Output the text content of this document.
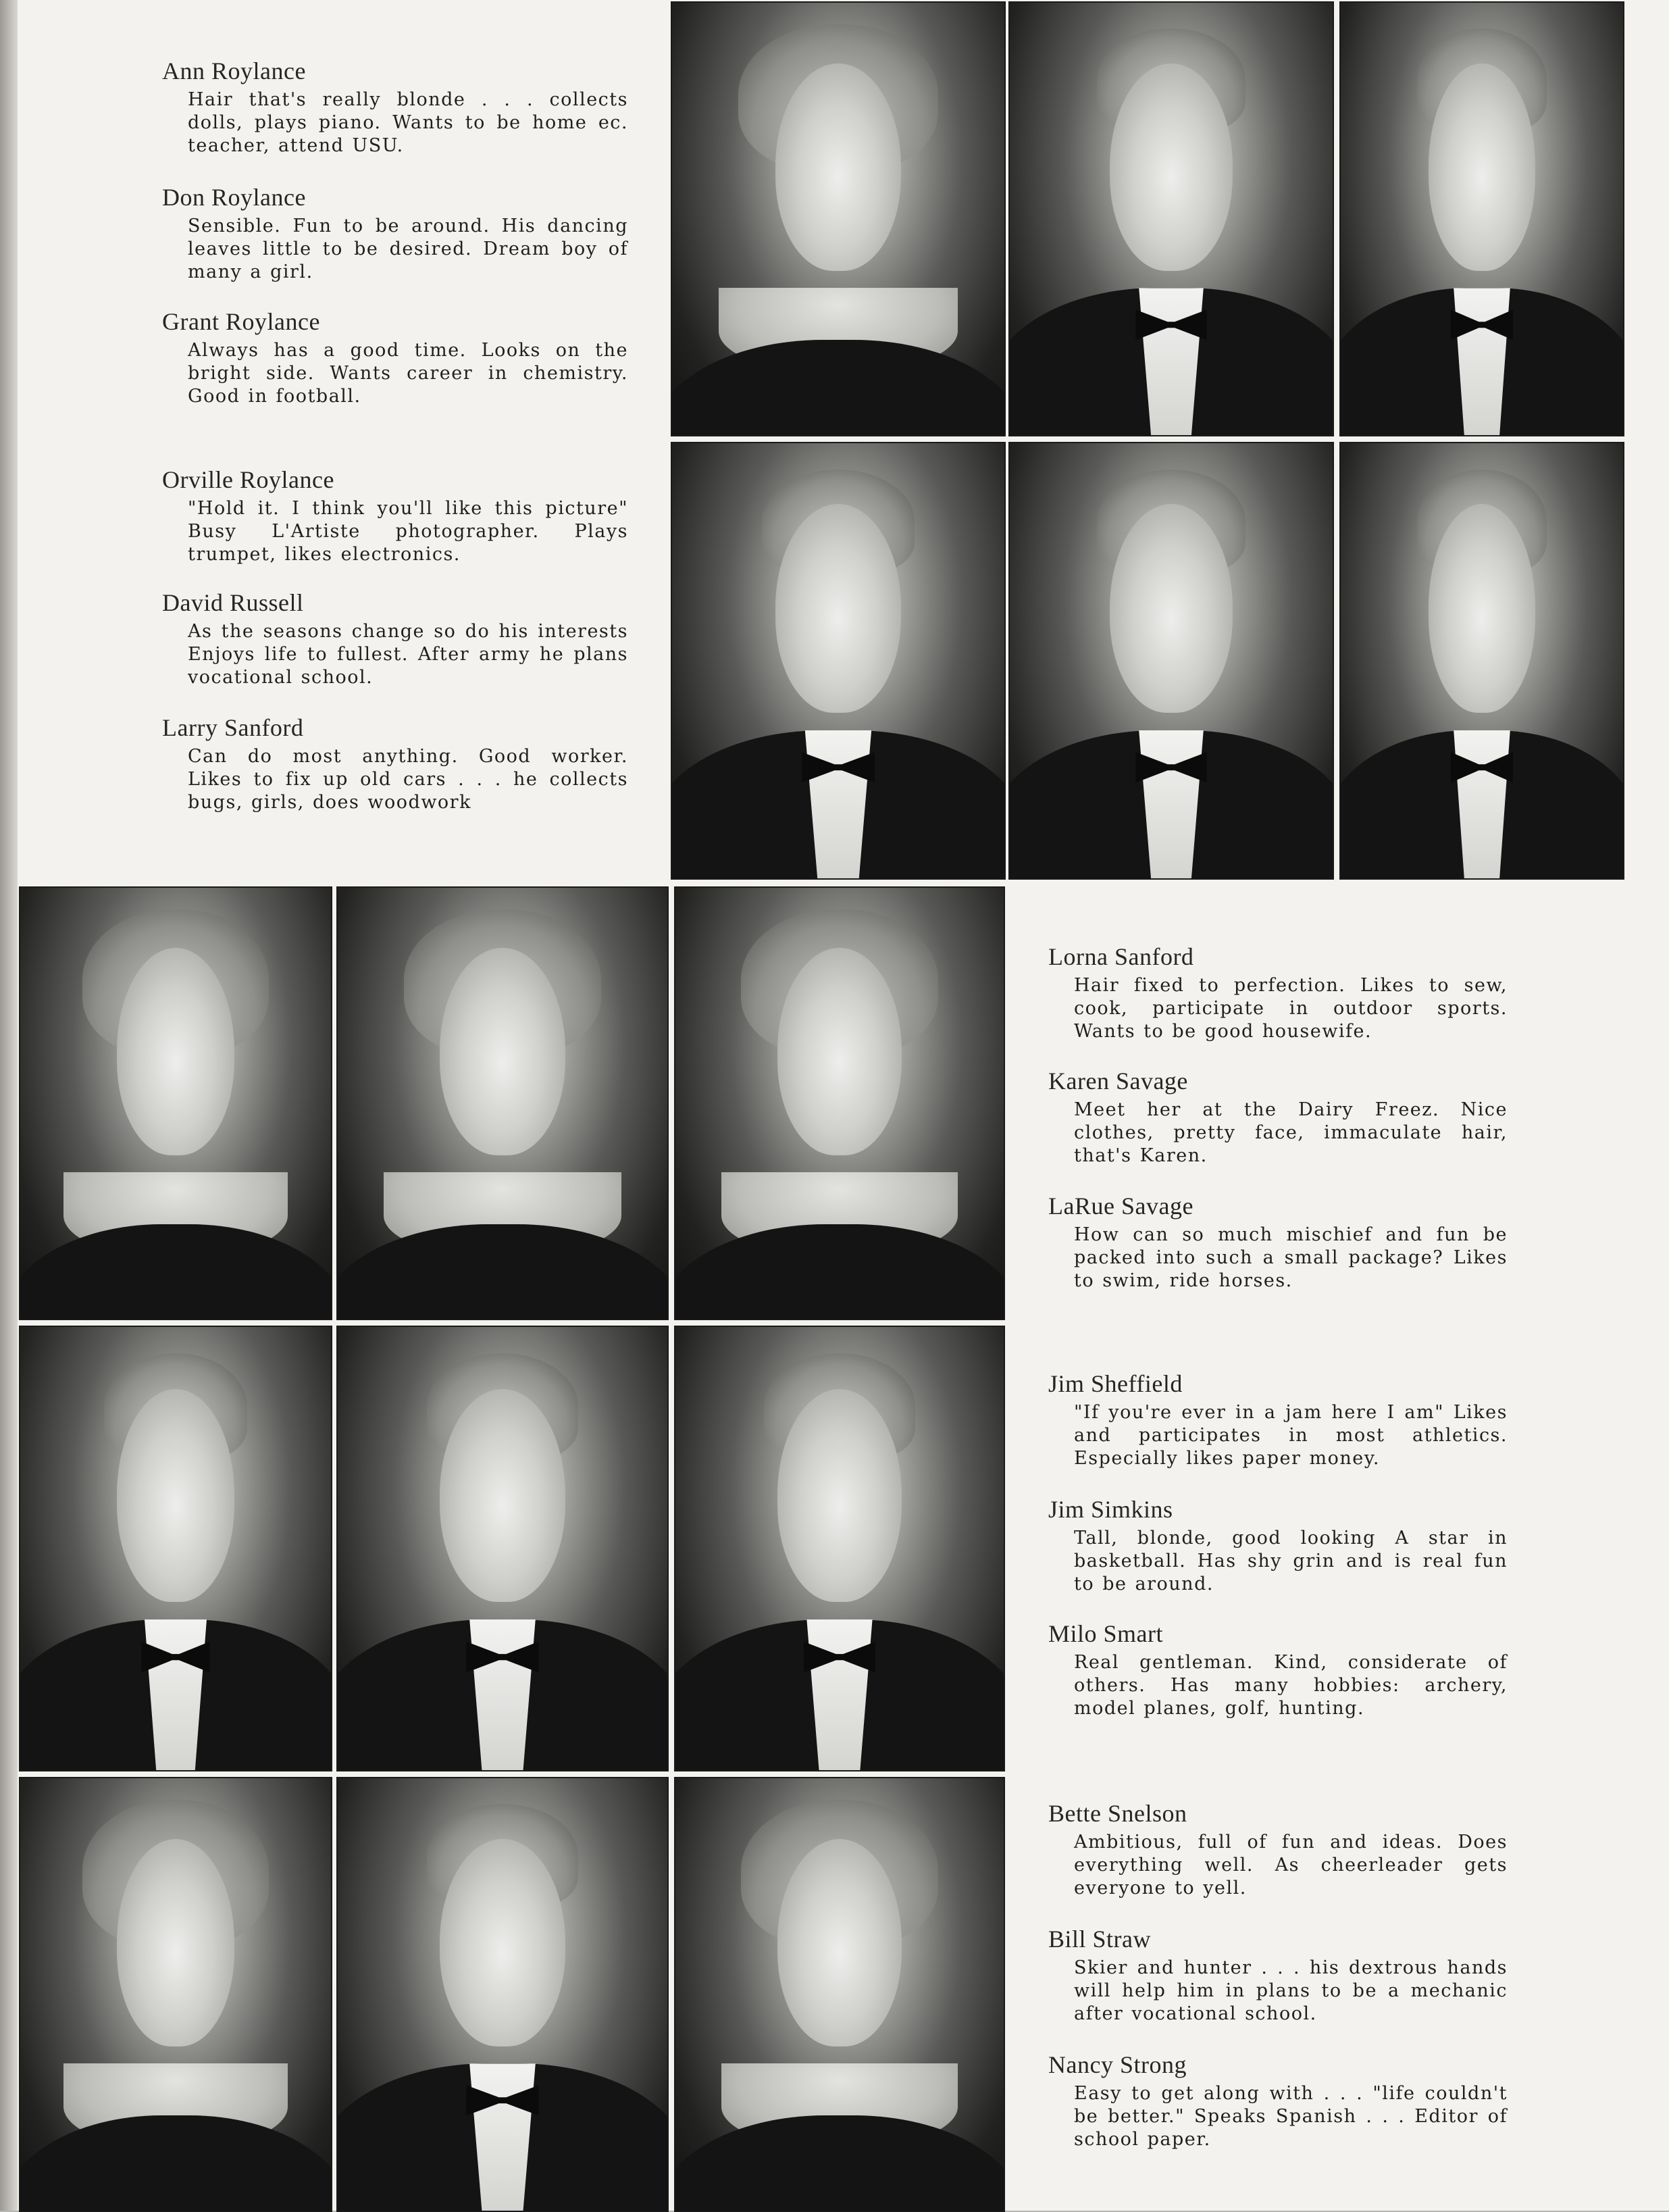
Ann Roylance
Hair that's really blonde . . . collects dolls, plays piano. Wants to be home ec. teacher, attend USU.
Don Roylance
Sensible. Fun to be around. His dancing leaves little to be desired. Dream boy of many a girl.
Grant Roylance
Always has a good time. Looks on the bright side. Wants career in chemistry. Good in football.
Orville Roylance
"Hold it. I think you'll like this picture" Busy L'Artiste photographer. Plays trumpet, likes electronics.
David Russell
As the seasons change so do his interests Enjoys life to fullest. After army he plans vocational school.
Larry Sanford
Can do most anything. Good worker. Likes to fix up old cars . . . he collects bugs, girls, does woodwork
Lorna Sanford
Hair fixed to perfection. Likes to sew, cook, participate in outdoor sports. Wants to be good housewife.
Karen Savage
Meet her at the Dairy Freez. Nice clothes, pretty face, immaculate hair, that's Karen.
LaRue Savage
How can so much mischief and fun be packed into such a small package? Likes to swim, ride horses.
Jim Sheffield
"If you're ever in a jam here I am" Likes and participates in most athletics. Especially likes paper money.
Jim Simkins
Tall, blonde, good looking A star in basketball. Has shy grin and is real fun to be around.
Milo Smart
Real gentleman. Kind, considerate of others. Has many hobbies: archery, model planes, golf, hunting.
Bette Snelson
Ambitious, full of fun and ideas. Does everything well. As cheerleader gets everyone to yell.
Bill Straw
Skier and hunter . . . his dextrous hands will help him in plans to be a mechanic after vocational school.
Nancy Strong
Easy to get along with . . . "life couldn't be better." Speaks Spanish . . . Editor of school paper.
